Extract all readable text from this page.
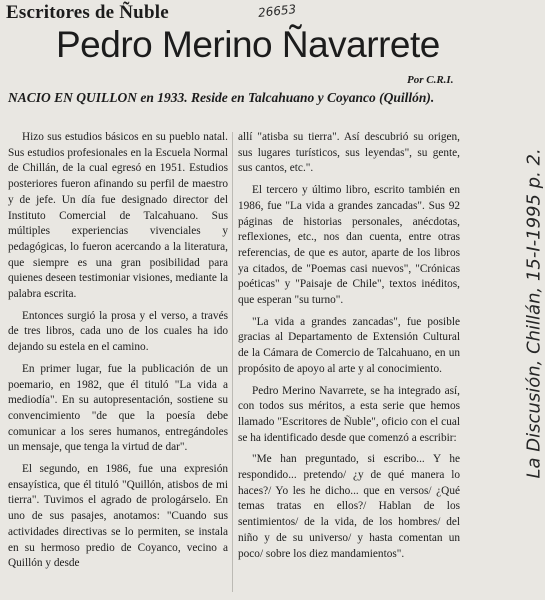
Escritores de Ñuble	26653
Pedro Merino Ñavarrete
Por C.R.I.
NACIO EN QUILLON en 1933. Reside en Talcahuano y Coyanco (Quillón).

Hizo sus estudios básicos en su pueblo natal. Sus estudios profesionales en la Escuela Normal de Chillán, de la cual egresó en 1951. Estudios posteriores fueron afinando su perfil de maestro y de jefe. Un día fue designado director del Instituto Comercial de Talcahuano. Sus múltiples experiencias vivenciales y pedagógicas, lo fueron acercando a la literatura, que siempre es una gran posibilidad para quienes deseen testimoniar visiones, mediante la palabra escrita.

Entonces surgió la prosa y el verso, a través de tres libros, cada uno de los cuales ha ido dejando su estela en el camino.

En primer lugar, fue la publicación de un poemario, en 1982, que él tituló "La vida a mediodía". En su autopresentación, sostiene su convencimiento "de que la poesía debe comunicar a los seres humanos, entregándoles un mensaje, que tenga la virtud de dar".

El segundo, en 1986, fue una expresión ensayística, que él tituló "Quillón, atisbos de mi tierra". Tuvimos el agrado de prologárselo. En uno de sus pasajes, anotamos: "Cuando sus actividades directivas se lo permiten, se instala en su hermoso predio de Coyanco, vecino a Quillón y desde

allí "atisba su tierra". Así descubrió su origen, sus lugares turísticos, sus leyendas", su gente, sus cantos, etc.".

El tercero y último libro, escrito también en 1986, fue "La vida a grandes zancadas". Sus 92 páginas de historias personales, anécdotas, reflexiones, etc., nos dan cuenta, entre otras referencias, de que es autor, aparte de los libros ya citados, de "Poemas casi nuevos", "Crónicas poéticas" y "Paisaje de Chile", textos inéditos, que esperan "su turno".

"La vida a grandes zancadas", fue posible gracias al Departamento de Extensión Cultural de la Cámara de Comercio de Talcahuano, en un propósito de apoyo al arte y al conocimiento.

Pedro Merino Navarrete, se ha integrado así, con todos sus méritos, a esta serie que hemos llamado "Escritores de Ñuble", oficio con el cual se ha identificado desde que comenzó a escribir:

"Me han preguntado, si escribo... Y he respondido... pretendo/ ¿y de qué manera lo haces?/ Yo les he dicho... que en versos/ ¿Qué temas tratas en ellos?/ Hablan de los sentimientos/ de la vida, de los hombres/ del niño y de su universo/ y hasta comentan un poco/ sobre los diez mandamientos".

La Discusión, Chillán, 15-I-1995 p. 2.
